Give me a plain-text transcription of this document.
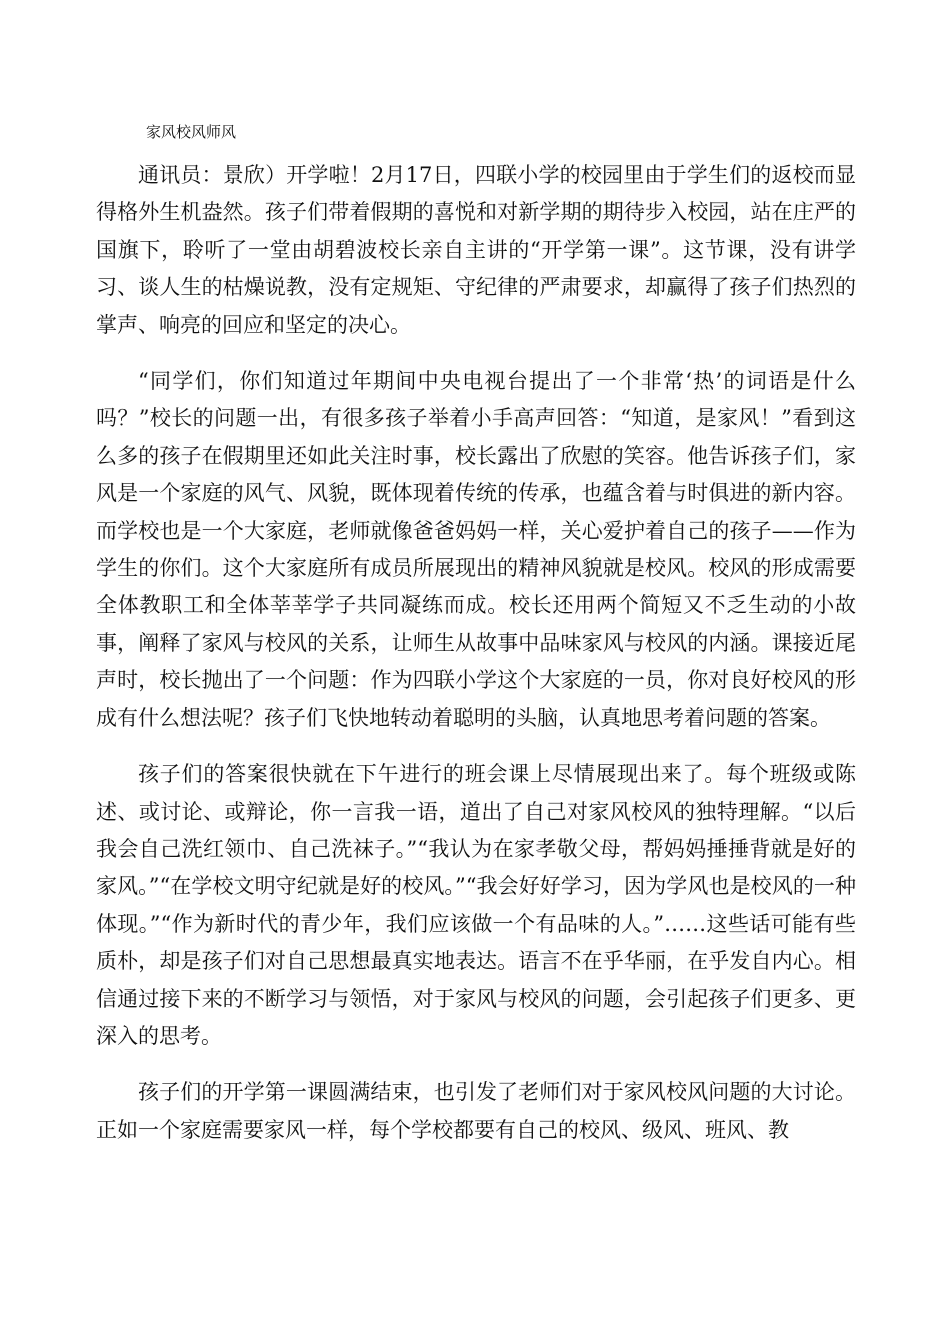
家风校风师风

通讯员：景欣）开学啦！2月17日，四联小学的校园里由于学生们的返校而显得格外生机盎然。孩子们带着假期的喜悦和对新学期的期待步入校园，站在庄严的国旗下，聆听了一堂由胡碧波校长亲自主讲的“开学第一课”。这节课，没有讲学习、谈人生的枯燥说教，没有定规矩、守纪律的严肃要求，却赢得了孩子们热烈的掌声、响亮的回应和坚定的决心。

“同学们，你们知道过年期间中央电视台提出了一个非常‘热’的词语是什么吗？”校长的问题一出，有很多孩子举着小手高声回答：“知道，是家风！”看到这么多的孩子在假期里还如此关注时事，校长露出了欣慰的笑容。他告诉孩子们，家风是一个家庭的风气、风貌，既体现着传统的传承，也蕴含着与时俱进的新内容。而学校也是一个大家庭，老师就像爸爸妈妈一样，关心爱护着自己的孩子——作为学生的你们。这个大家庭所有成员所展现出的精神风貌就是校风。校风的形成需要全体教职工和全体莘莘学子共同凝练而成。校长还用两个简短又不乏生动的小故事，阐释了家风与校风的关系，让师生从故事中品味家风与校风的内涵。课接近尾声时，校长抛出了一个问题：作为四联小学这个大家庭的一员，你对良好校风的形成有什么想法呢？孩子们飞快地转动着聪明的头脑，认真地思考着问题的答案。

孩子们的答案很快就在下午进行的班会课上尽情展现出来了。每个班级或陈述、或讨论、或辩论，你一言我一语，道出了自己对家风校风的独特理解。“以后我会自己洗红领巾、自己洗袜子。”“我认为在家孝敬父母，帮妈妈捶捶背就是好的家风。”“在学校文明守纪就是好的校风。”“我会好好学习，因为学风也是校风的一种体现。”“作为新时代的青少年，我们应该做一个有品味的人。”……这些话可能有些质朴，却是孩子们对自己思想最真实地表达。语言不在乎华丽，在乎发自内心。相信通过接下来的不断学习与领悟，对于家风与校风的问题，会引起孩子们更多、更深入的思考。

孩子们的开学第一课圆满结束，也引发了老师们对于家风校风问题的大讨论。正如一个家庭需要家风一样，每个学校都要有自己的校风、级风、班风、教
